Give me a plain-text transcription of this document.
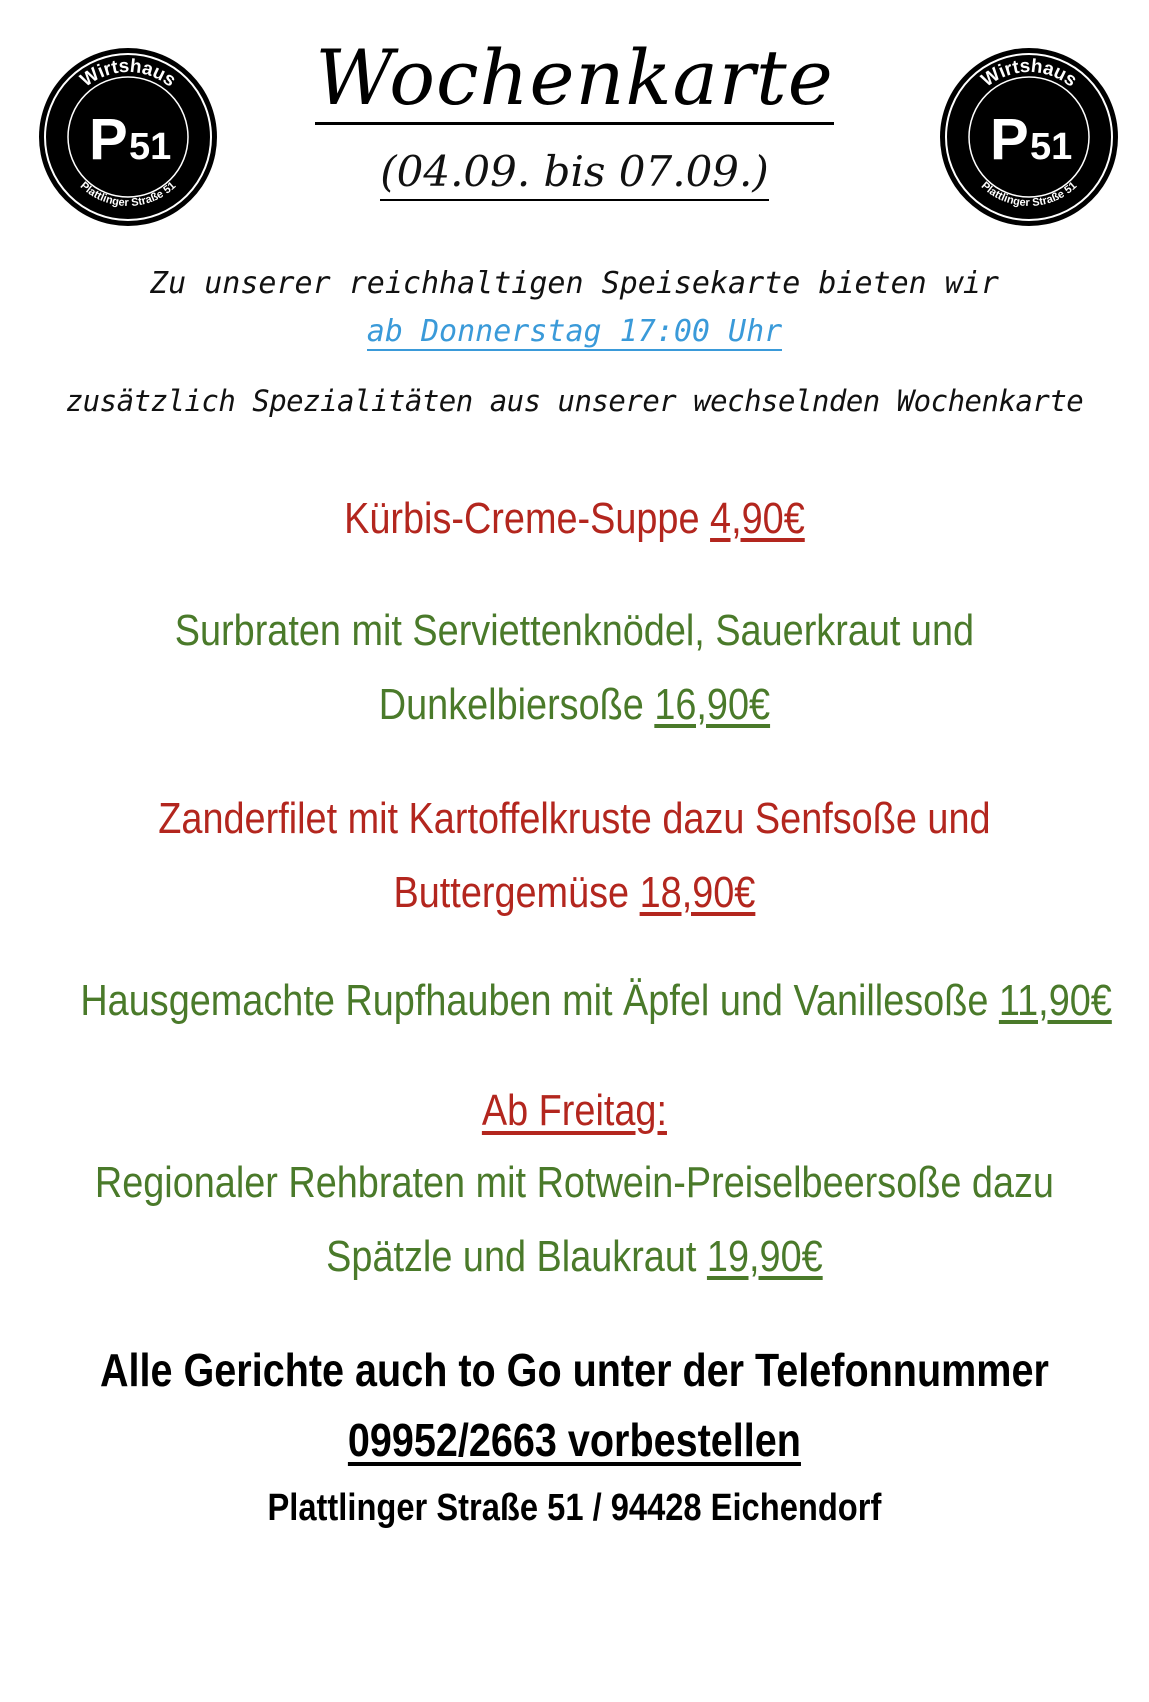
Wirtshaus
P 51
Plattlinger Straße 51
Wirtshaus
P 51
Plattlinger Straße 51
Wochenkarte
(04.09. bis 07.09.)
Zu unserer reichhaltigen Speisekarte bieten wir
ab Donnerstag 17:00 Uhr
zusätzlich Spezialitäten aus unserer wechselnden Wochenkarte
Kürbis-Creme-Suppe 4,90€
Surbraten mit Serviettenknödel, Sauerkraut und
Dunkelbiersoße 16,90€
Zanderfilet mit Kartoffelkruste dazu Senfsoße und
Buttergemüse 18,90€
Hausgemachte Rupfhauben mit Äpfel und Vanillesoße 11,90€
Ab Freitag:
Regionaler Rehbraten mit Rotwein-Preiselbeersoße dazu
Spätzle und Blaukraut 19,90€
Alle Gerichte auch to Go unter der Telefonnummer
09952/2663 vorbestellen
Plattlinger Straße 51 / 94428 Eichendorf
